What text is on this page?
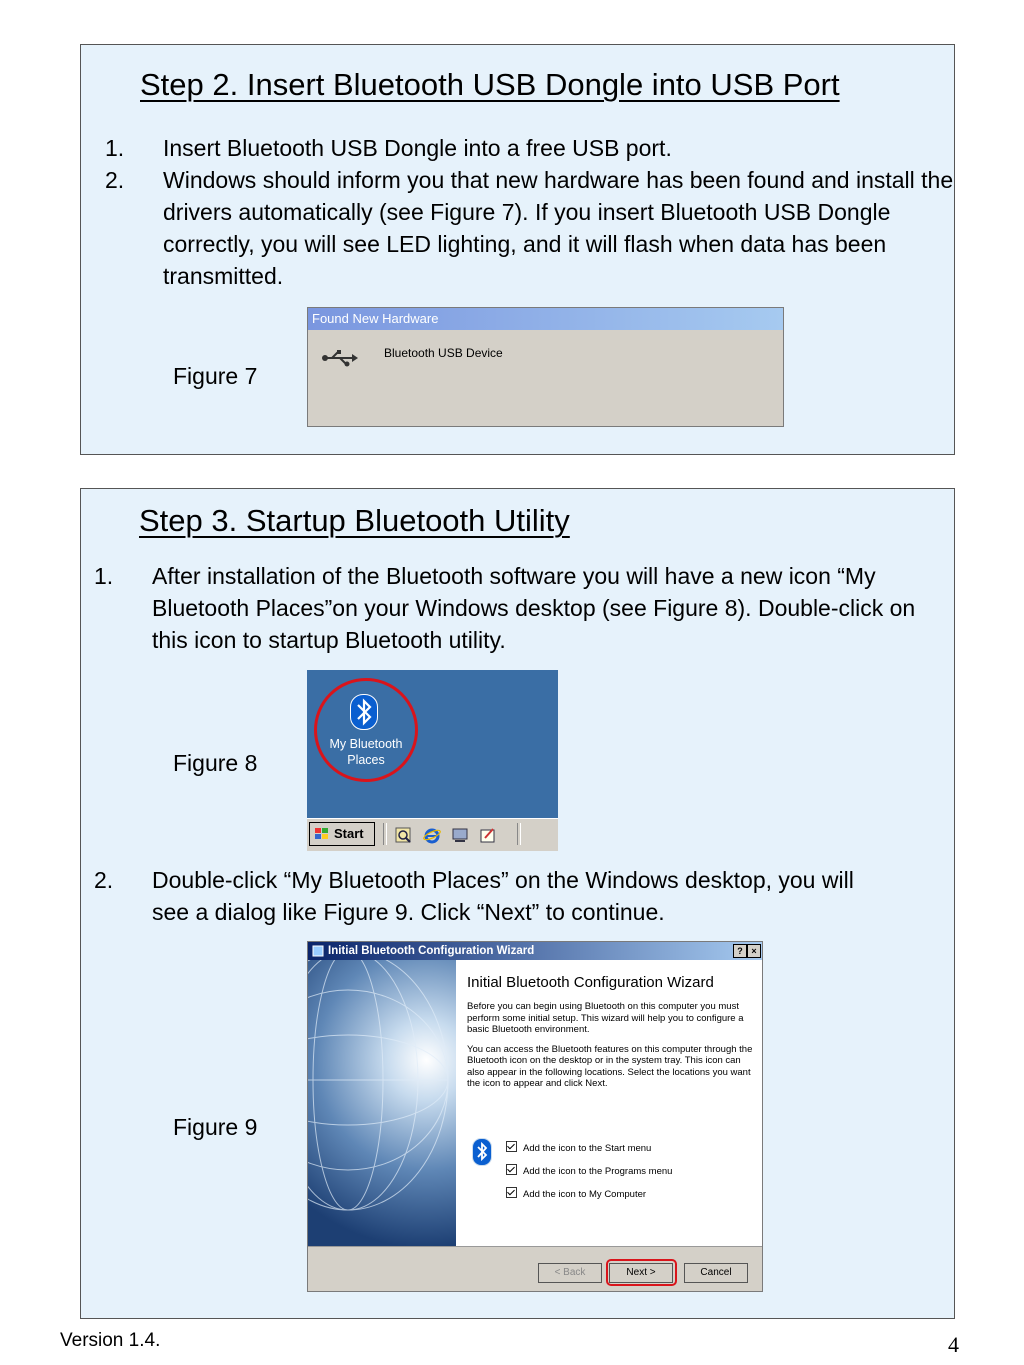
Step 2. Insert Bluetooth USB Dongle into USB Port
1. Insert Bluetooth USB Dongle into a free USB port.
2. Windows should inform you that new hardware has been found and install the drivers automatically (see Figure 7). If you insert Bluetooth USB Dongle correctly, you will see LED lighting, and it will flash when data has been transmitted.
Figure 7
Found New Hardware
Bluetooth USB Device
Step 3. Startup Bluetooth Utility
1. After installation of the Bluetooth software you will have a new icon “My Bluetooth Places”on your Windows desktop (see Figure 8). Double-click on this icon to startup Bluetooth utility.
2. Double-click “My Bluetooth Places” on the Windows desktop, you will see a dialog like Figure 9. Click “Next” to continue.
Figure 8
My Bluetooth Places
Start
Figure 9
Initial Bluetooth Configuration Wizard	? ×
Initial Bluetooth Configuration Wizard
Before you can begin using Bluetooth on this computer you must perform some initial setup. This wizard will help you to configure a basic Bluetooth environment.
You can access the Bluetooth features on this computer through the Bluetooth icon on the desktop or in the system tray. This icon can also appear in the following locations. Select the locations you want the icon to appear and click Next.
Add the icon to the Start menu
Add the icon to the Programs menu
Add the icon to My Computer
< Back	Next >	Cancel
Version 1.4.	4
